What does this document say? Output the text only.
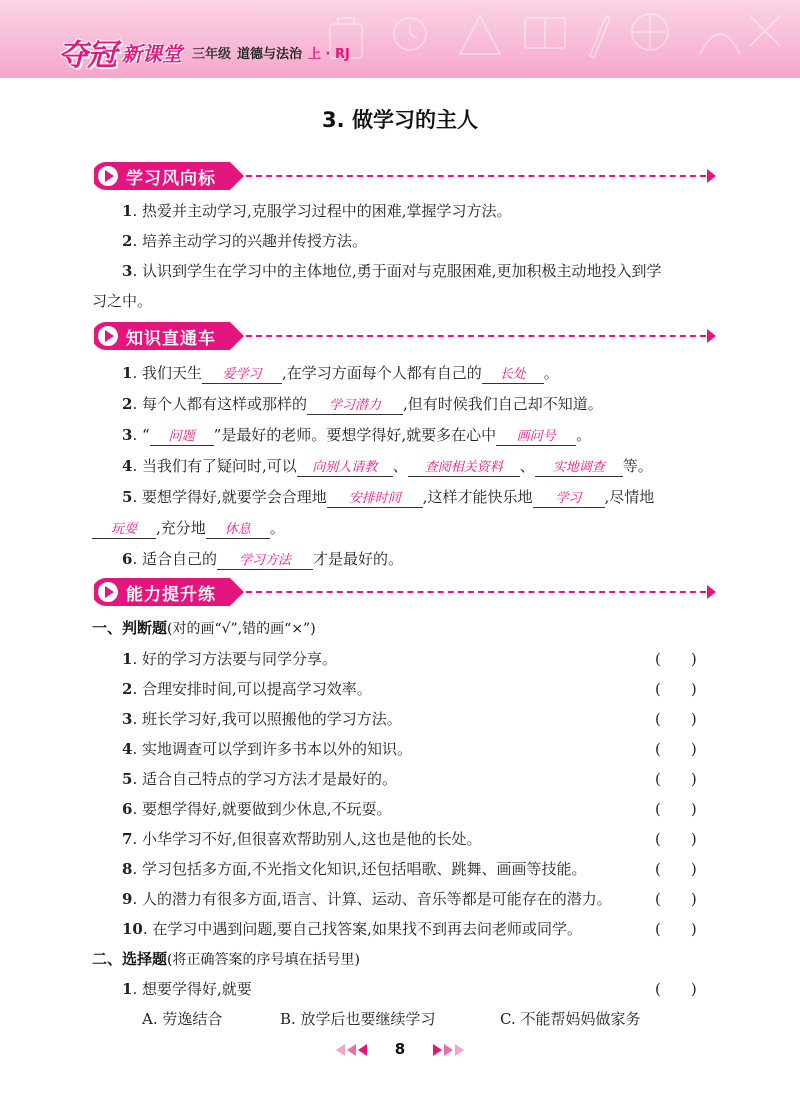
夺冠 新课堂 三年级 道德与法治 上 · RJ
3. 做学习的主人
学习风向标
1. 热爱并主动学习,克服学习过程中的困难,掌握学习方法。
2. 培养主动学习的兴趣并传授方法。
3. 认识到学生在学习中的主体地位,勇于面对与克服困难,更加积极主动地投入到学
习之中。
知识直通车
1. 我们天生 爱学习 ,在学习方面每个人都有自己的 长处 。
2. 每个人都有这样或那样的 学习潜力 ,但有时候我们自己却不知道。
3. “ 问题 ”是最好的老师。要想学得好,就要多在心中 画问号 。
4. 当我们有了疑问时,可以 向别人请教 、 查阅相关资料 、 实地调查 等。
5. 要想学得好,就要学会合理地 安排时间 ,这样才能快乐地 学习 ,尽情地
玩耍 ,充分地 休息 。
6. 适合自己的 学习方法 才是最好的。
能力提升练
一、判断题(对的画“√”,错的画“×”)
1. 好的学习方法要与同学分享。	(　　)
2. 合理安排时间,可以提高学习效率。	(　　)
3. 班长学习好,我可以照搬他的学习方法。	(　　)
4. 实地调查可以学到许多书本以外的知识。	(　　)
5. 适合自己特点的学习方法才是最好的。	(　　)
6. 要想学得好,就要做到少休息,不玩耍。	(　　)
7. 小华学习不好,但很喜欢帮助别人,这也是他的长处。	(　　)
8. 学习包括多方面,不光指文化知识,还包括唱歌、跳舞、画画等技能。	(　　)
9. 人的潜力有很多方面,语言、计算、运动、音乐等都是可能存在的潜力。	(　　)
10. 在学习中遇到问题,要自己找答案,如果找不到再去问老师或同学。	(　　)
二、选择题(将正确答案的序号填在括号里)
1. 想要学得好,就要	(　　)
A. 劳逸结合	B. 放学后也要继续学习	C. 不能帮妈妈做家务
8
